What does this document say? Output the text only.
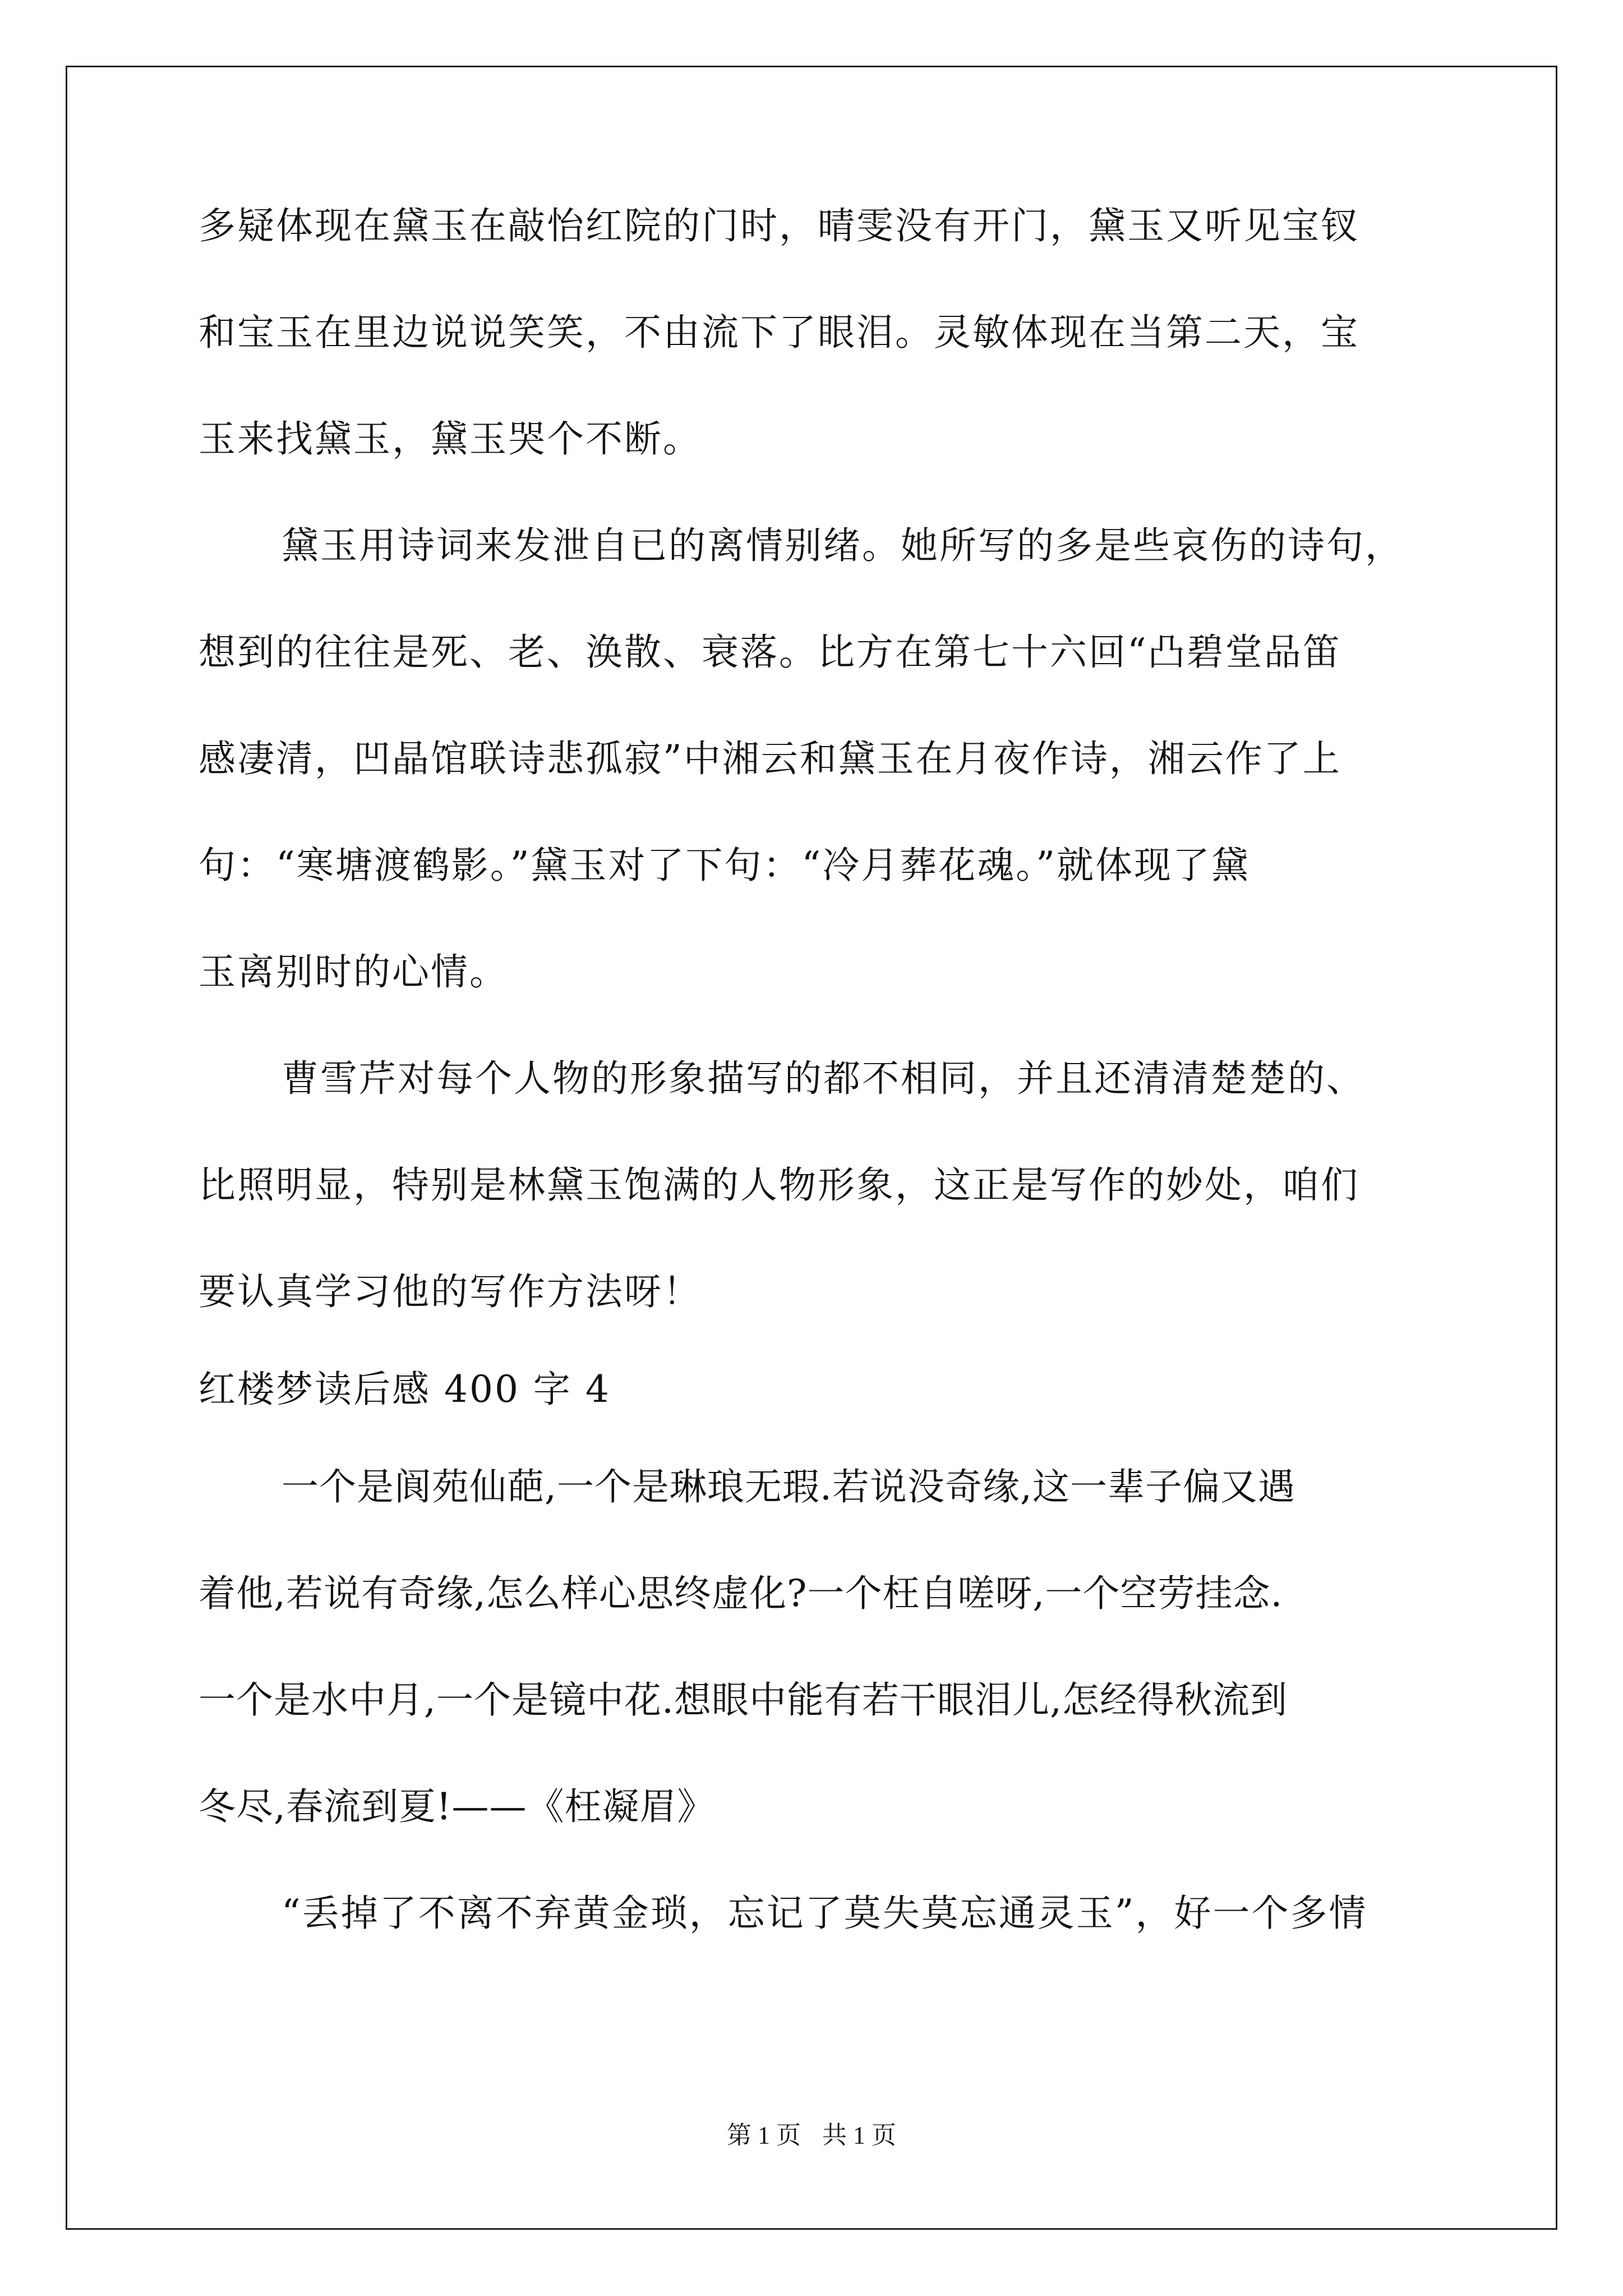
多疑体现在黛玉在敲怡红院的门时，晴雯没有开门，黛玉又听见宝钗
和宝玉在里边说说笑笑，不由流下了眼泪。灵敏体现在当第二天，宝
玉来找黛玉，黛玉哭个不断。
黛玉用诗词来发泄自已的离情别绪。她所写的多是些哀伤的诗句，
想到的往往是死、老、涣散、衰落。比方在第七十六回“凸碧堂品笛
感凄清，凹晶馆联诗悲孤寂”中湘云和黛玉在月夜作诗，湘云作了上
句：“寒塘渡鹤影。”黛玉对了下句：“冷月葬花魂。”就体现了黛
玉离别时的心情。
曹雪芹对每个人物的形象描写的都不相同，并且还清清楚楚的、
比照明显，特别是林黛玉饱满的人物形象，这正是写作的妙处，咱们
要认真学习他的写作方法呀！
红楼梦读后感 400 字 4
一个是阆苑仙葩,一个是琳琅无瑕.若说没奇缘,这一辈子偏又遇
着他,若说有奇缘,怎么样心思终虚化?一个枉自嗟呀,一个空劳挂念.
一个是水中月,一个是镜中花.想眼中能有若干眼泪儿,怎经得秋流到
冬尽,春流到夏!——《枉凝眉》
“丢掉了不离不弃黄金琐，忘记了莫失莫忘通灵玉”，好一个多情
第 1 页 共 1 页
